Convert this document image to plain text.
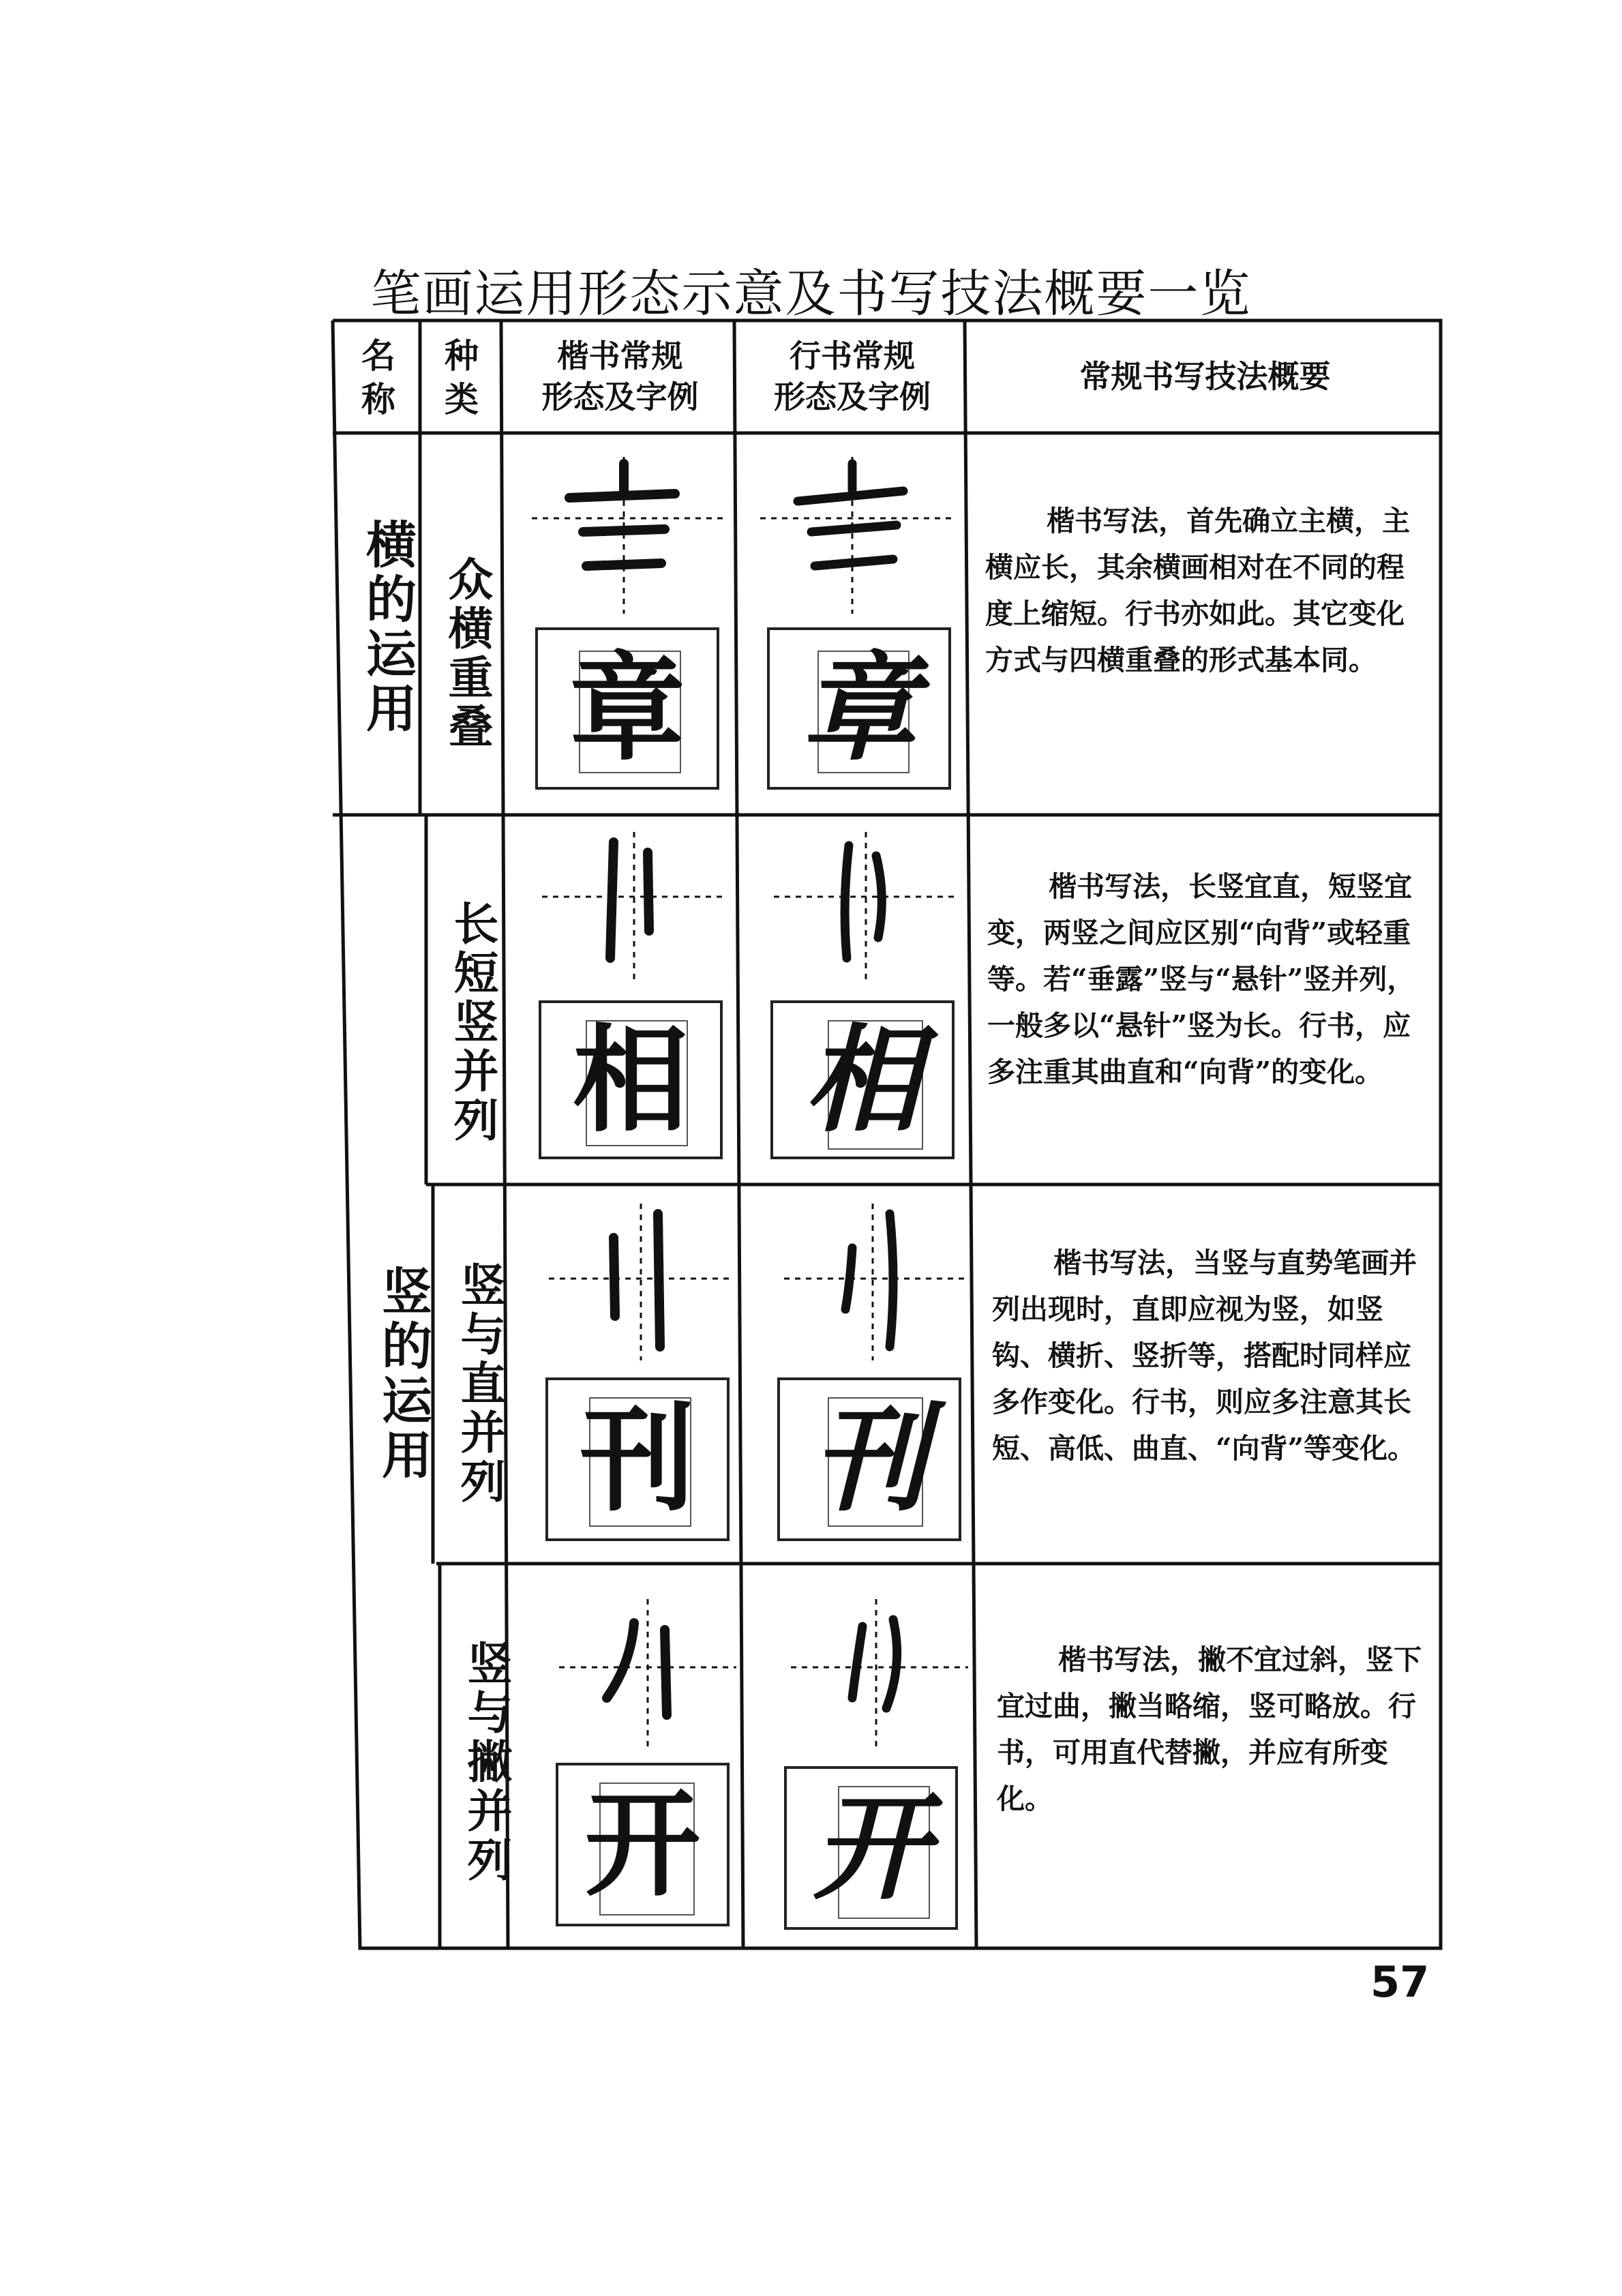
笔画运用形态示意及书写技法概要一览
名称
种类
楷书常规
形态及字例
行书常规
形态及字例
常规书写技法概要
横的运用
竖的运用
众横重叠
长短竖并列
竖与直并列
竖与撇并列
章 章
楷书写法，首先确立主横，主横应长，其余横画相对在不同的程度上缩短。行书亦如此。其它变化方式与四横重叠的形式基本同。
相 相
楷书写法，长竖宜直，短竖宜变，两竖之间应区别“向背”或轻重等。若“垂露”竖与“悬针”竖并列，一般多以“悬针”竖为长。行书，应多注重其曲直和“向背”的变化。
刊 刊
楷书写法，当竖与直势笔画并列出现时，直即应视为竖，如竖钩、横折、竖折等，搭配时同样应多作变化。行书，则应多注意其长短、高低、曲直、“向背”等变化。
开 开
楷书写法，撇不宜过斜，竖下宜过曲，撇当略缩，竖可略放。行书，可用直代替撇，并应有所变化。
57
